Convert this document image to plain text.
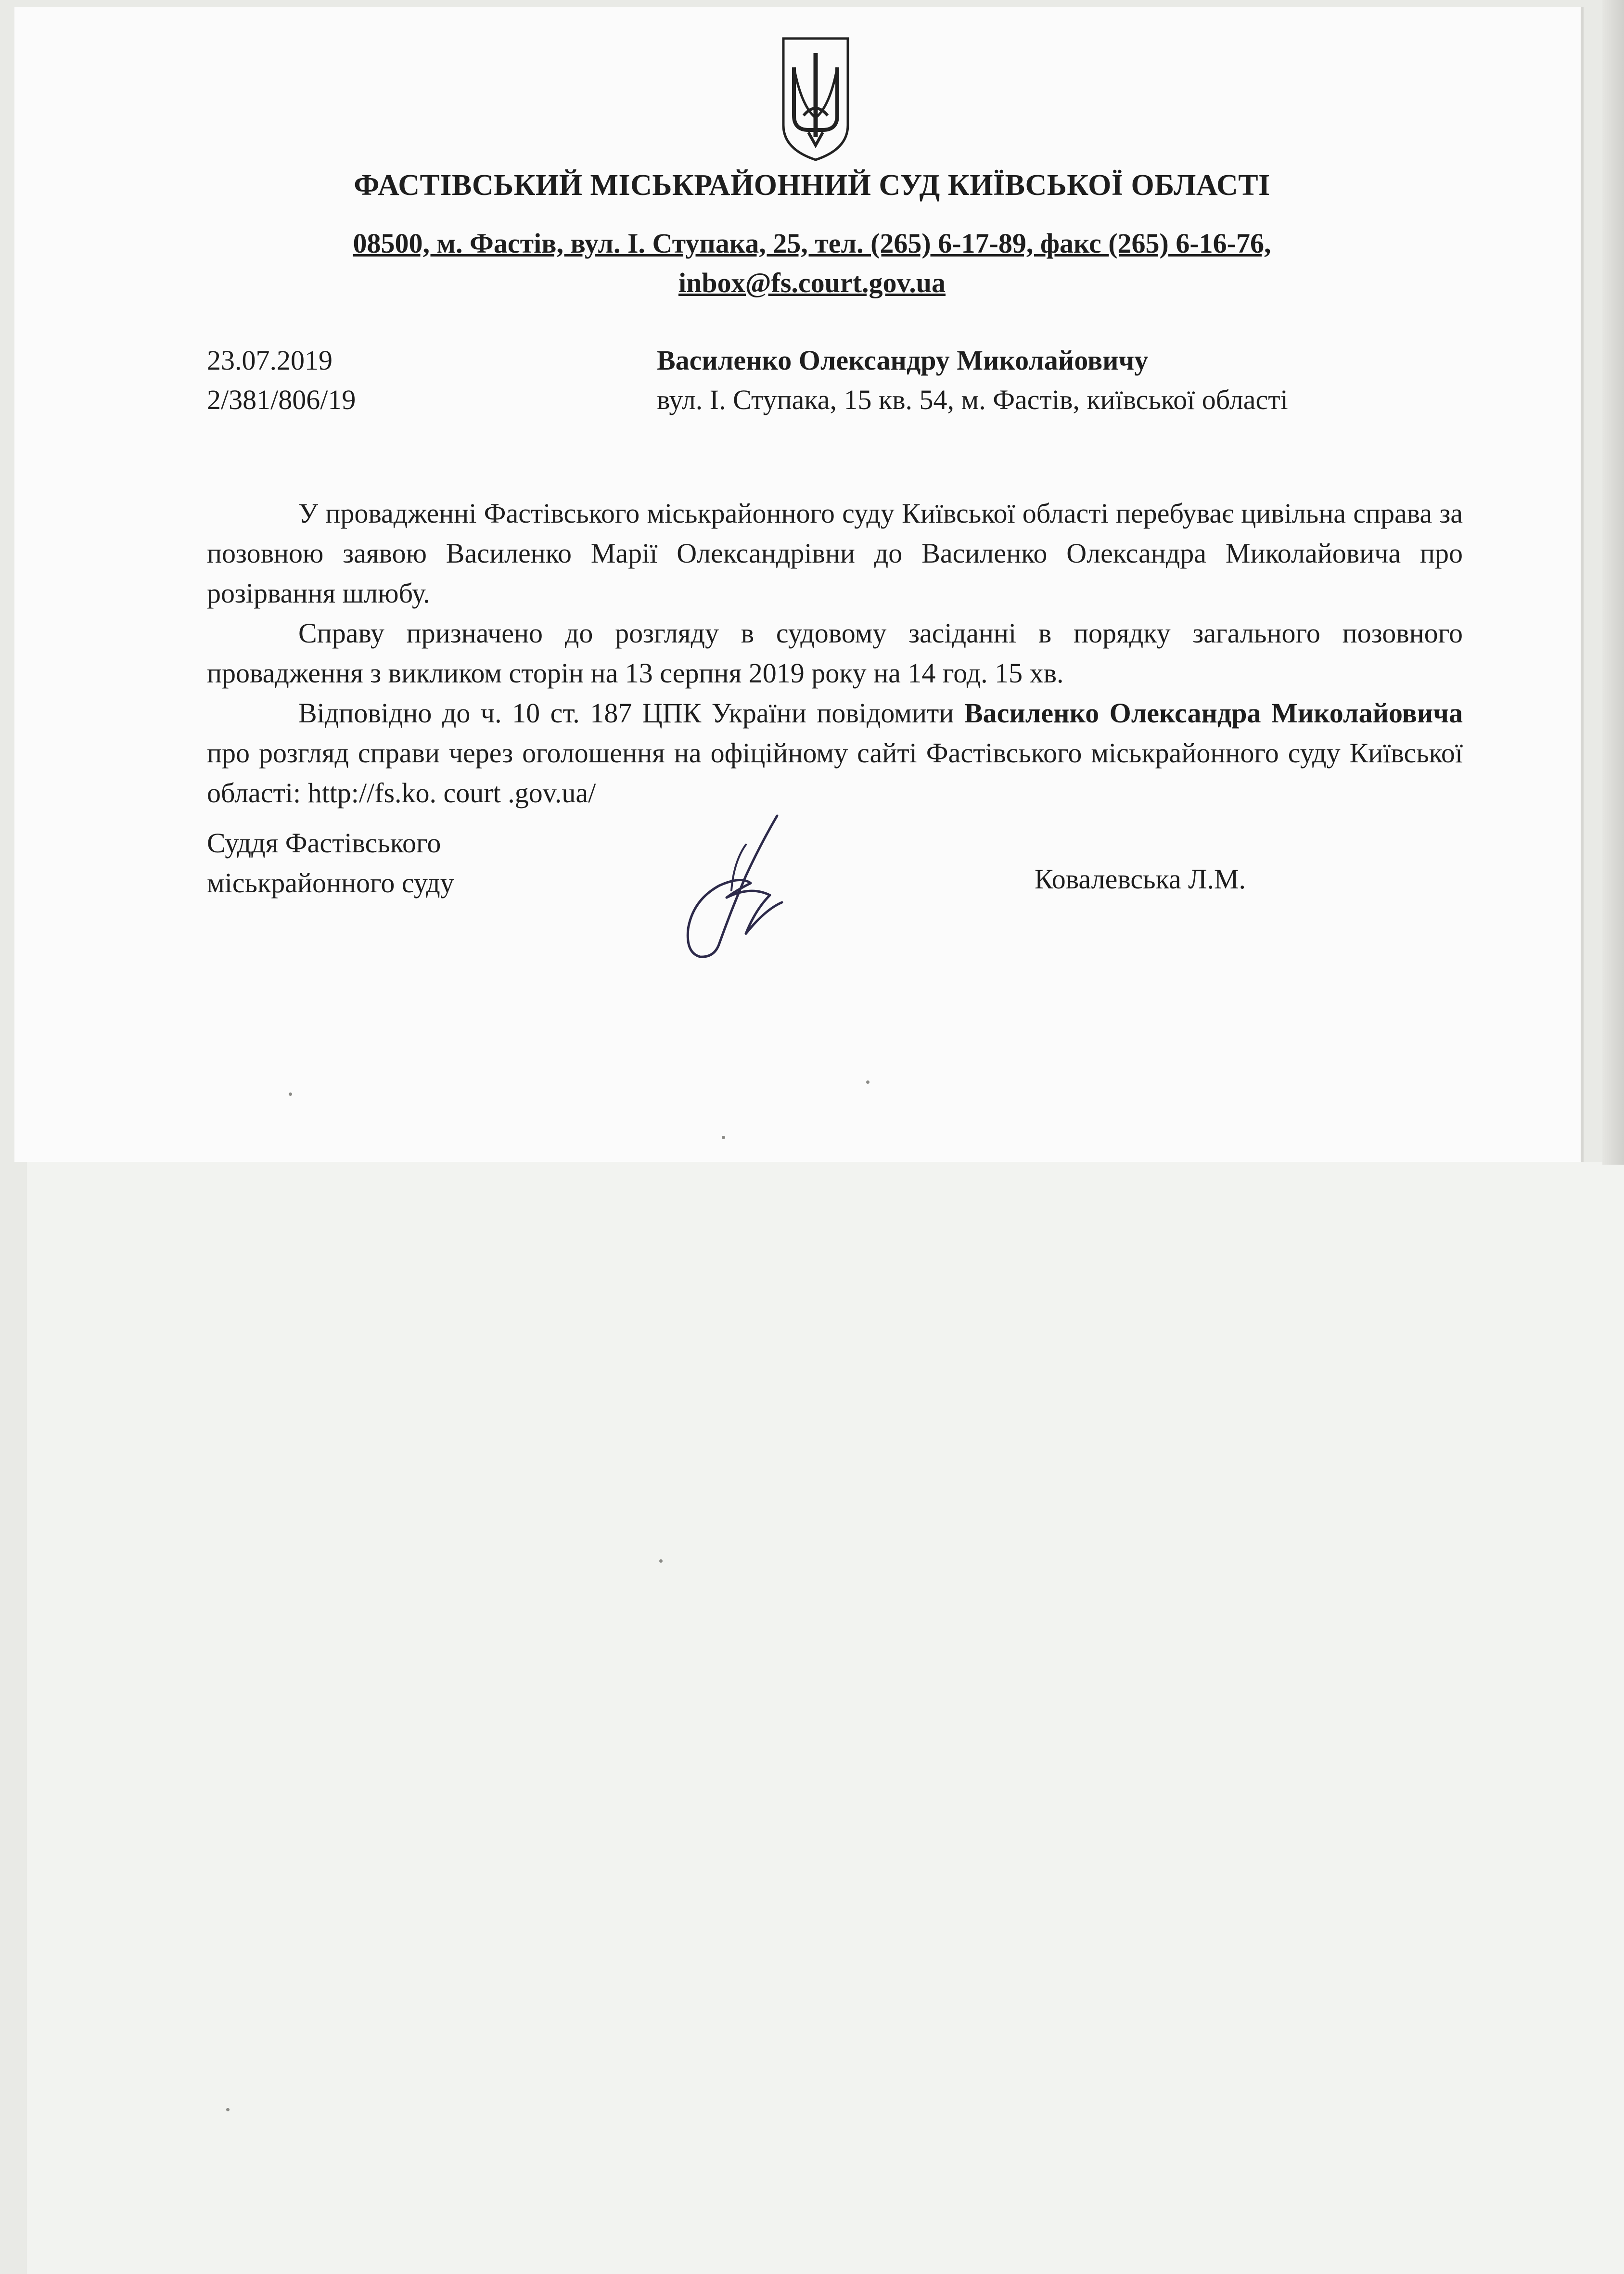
ФАСТІВСЬКИЙ МІСЬКРАЙОННИЙ СУД КИЇВСЬКОЇ ОБЛАСТІ
08500, м. Фастів, вул. І. Ступака, 25, тел. (265) 6-17-89, факс (265) 6-16-76,
inbox@fs.court.gov.ua
23.07.2019
2/381/806/19
Василенко Олександру Миколайовичу
вул. І. Ступака, 15 кв. 54, м. Фастів, київської області

У провадженні Фастівського міськрайонного суду Київської області перебуває цивільна справа за позовною заявою Василенко Марії Олександрівни до Василенко Олександра Миколайовича про розірвання шлюбу.

Справу призначено до розгляду в судовому засіданні в порядку загального позовного провадження з викликом сторін на 13 серпня 2019 року на 14 год. 15 хв.

Відповідно до ч. 10 ст. 187 ЦПК України повідомити Василенко Олександра Миколайовича про розгляд справи через оголошення на офіційному сайті Фастівського міськрайонного суду Київської області: http://fs.ko. court .gov.ua/

Суддя Фастівського
міськрайонного суду	Ковалевська Л.М.
